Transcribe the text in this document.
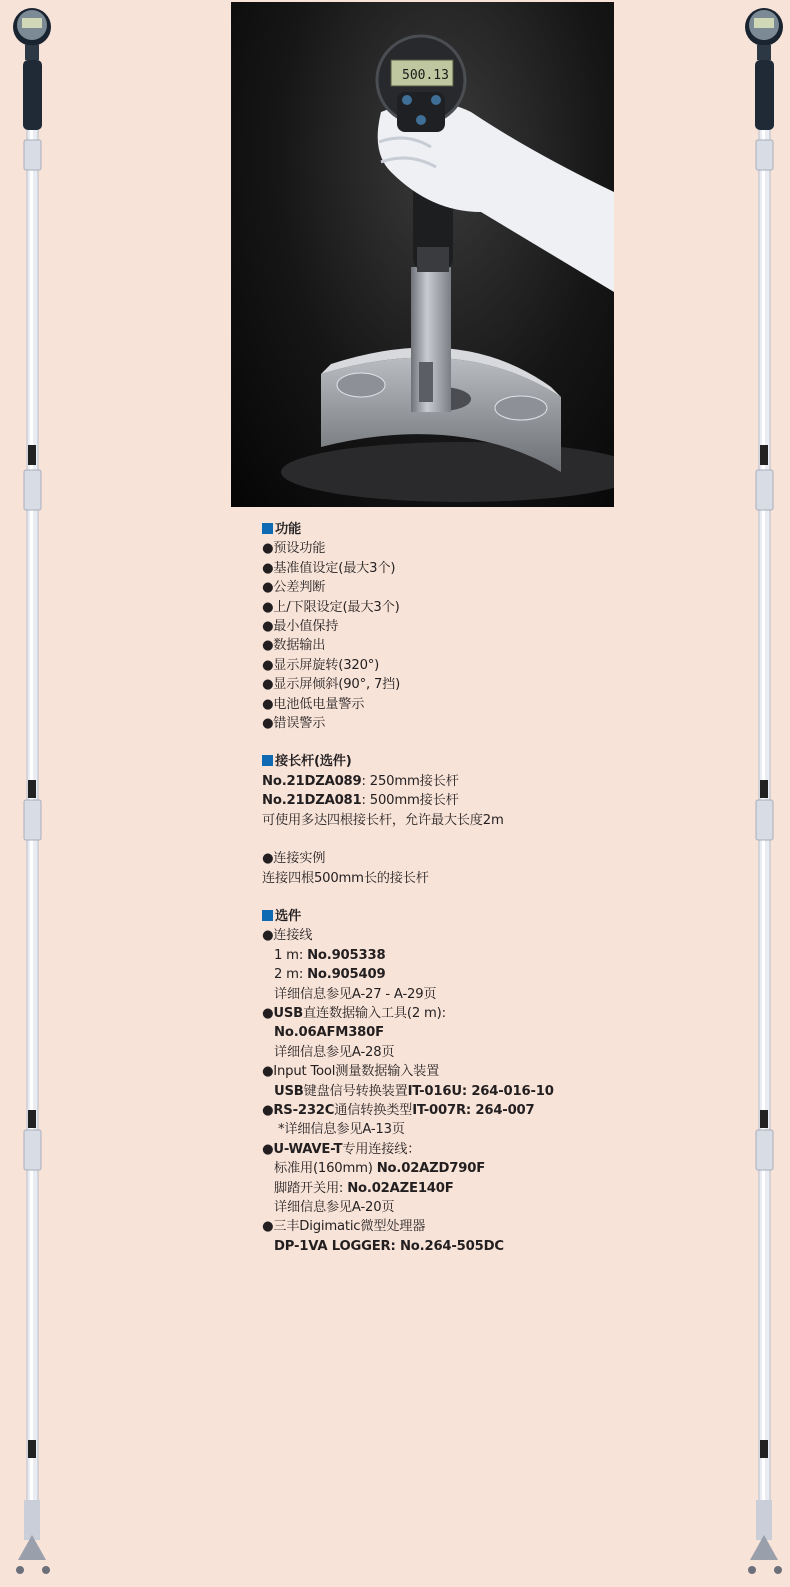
500.13
功能
●预设功能
●基准值设定(最大3个)
●公差判断
●上/下限设定(最大3个)
●最小值保持
●数据输出
●显示屏旋转(320°)
●显示屏倾斜(90°, 7挡)
●电池低电量警示
●错误警示
接长杆(选件)
No.21DZA089: 250mm接长杆
No.21DZA081: 500mm接长杆
可使用多达四根接长杆，允许最大长度2m
●连接实例
连接四根500mm长的接长杆
选件
●连接线
1 m: No.905338
2 m: No.905409
详细信息参见A-27 - A-29页
●USB直连数据输入工具(2 m):
No.06AFM380F
详细信息参见A-28页
●Input Tool测量数据输入装置
USB键盘信号转换装置IT-016U: 264-016-10
●RS-232C通信转换类型IT-007R: 264-007
*详细信息参见A-13页
●U-WAVE-T专用连接线：
标准用(160mm) No.02AZD790F
脚踏开关用: No.02AZE140F
详细信息参见A-20页
●三丰Digimatic微型处理器
DP-1VA LOGGER: No.264-505DC
